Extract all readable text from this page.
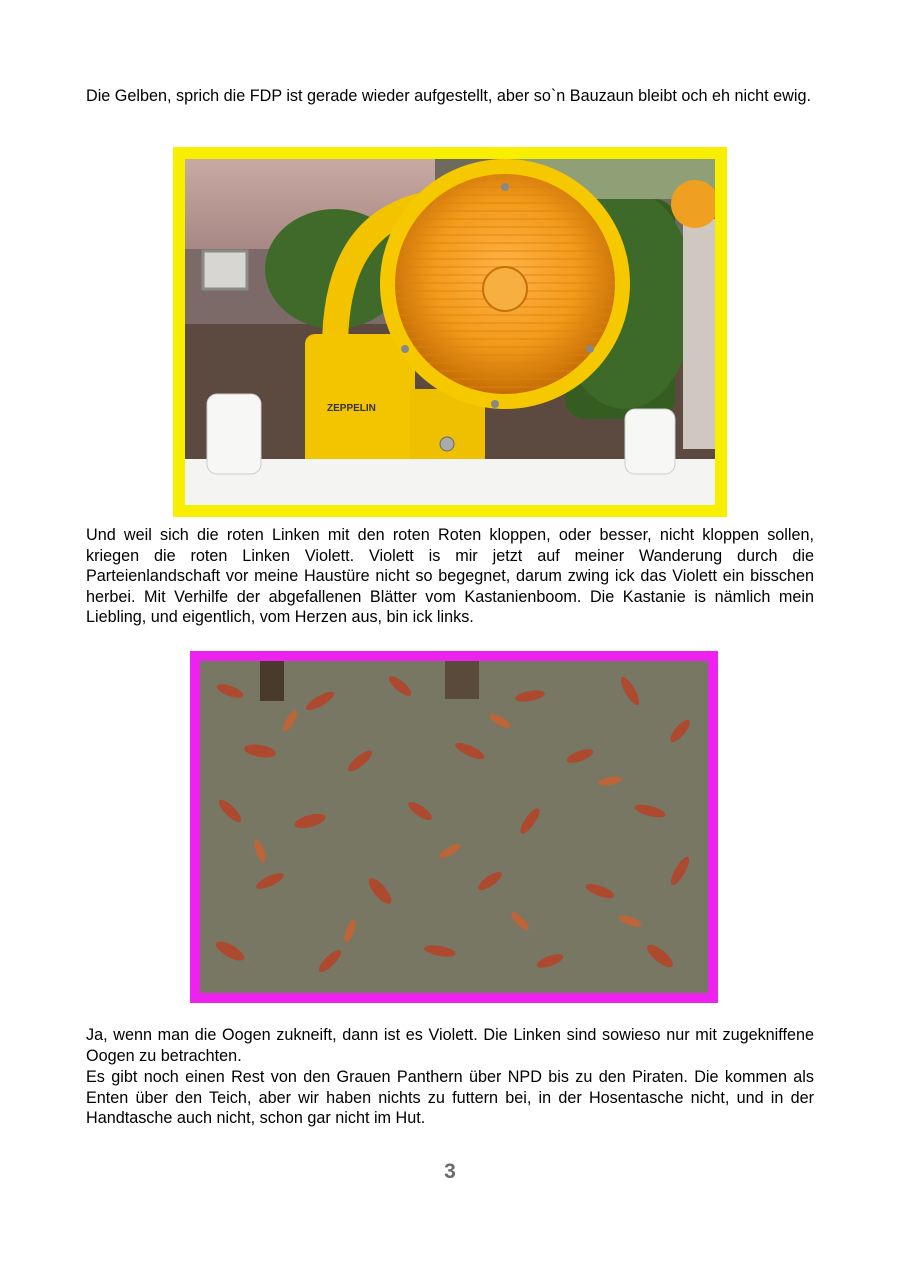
Die Gelben, sprich die FDP ist gerade wieder aufgestellt, aber so`n Bauzaun bleibt och eh nicht ewig.

ZEPPELIN

Und weil sich die roten Linken mit den roten Roten kloppen, oder besser, nicht kloppen sollen, kriegen die roten Linken Violett. Violett is mir jetzt auf meiner Wanderung durch die Parteienlandschaft vor meine Haustüre nicht so begegnet, darum zwing ick das Violett ein bisschen herbei. Mit Verhilfe der abgefallenen Blätter vom Kastanienboom. Die Kastanie is nämlich mein Liebling, und eigentlich, vom Herzen aus, bin ick links.

Ja, wenn man die Oogen zukneift, dann ist es Violett. Die Linken sind sowieso nur mit zugekniffene Oogen zu betrachten.

Es gibt noch einen Rest von den Grauen Panthern über NPD bis zu den Piraten. Die kommen als Enten über den Teich, aber wir haben nichts zu futtern bei, in der Hosentasche nicht, und in der Handtasche auch nicht, schon gar nicht im Hut.

3
